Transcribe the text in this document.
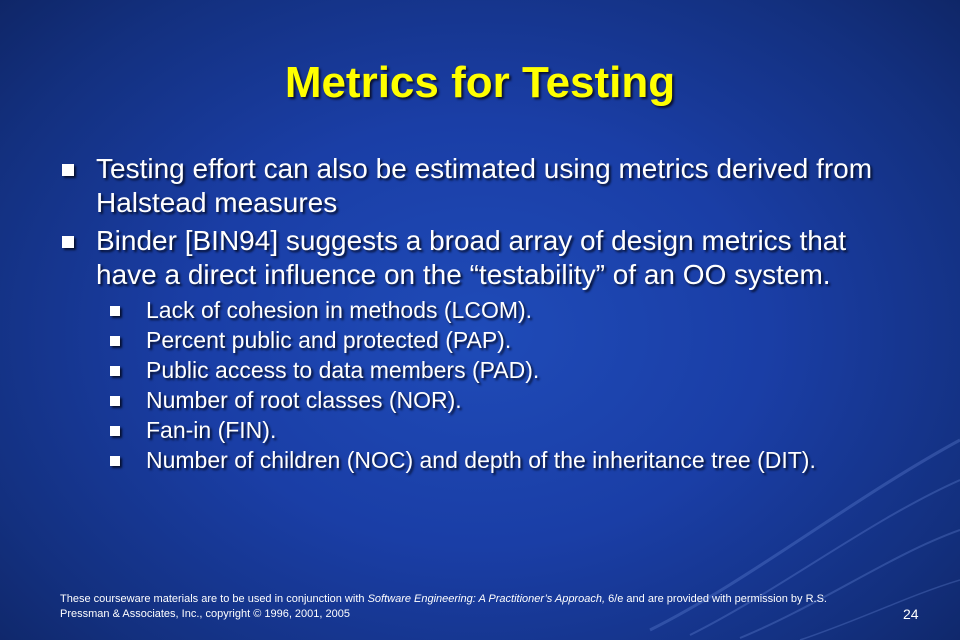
Metrics for Testing
Testing effort can also be estimated using metrics derived from Halstead measures
Binder [BIN94] suggests a broad array of design metrics that have a direct influence on the “testability” of an OO system.
Lack of cohesion in methods (LCOM).
Percent public and protected (PAP).
Public access to data members (PAD).
Number of root classes (NOR).
Fan-in (FIN).
Number of children (NOC) and depth of the inheritance tree (DIT).
These courseware materials are to be used in conjunction with Software Engineering: A Practitioner’s Approach, 6/e and are provided with permission by R.S. Pressman & Associates, Inc., copyright © 1996, 2001, 2005	24
